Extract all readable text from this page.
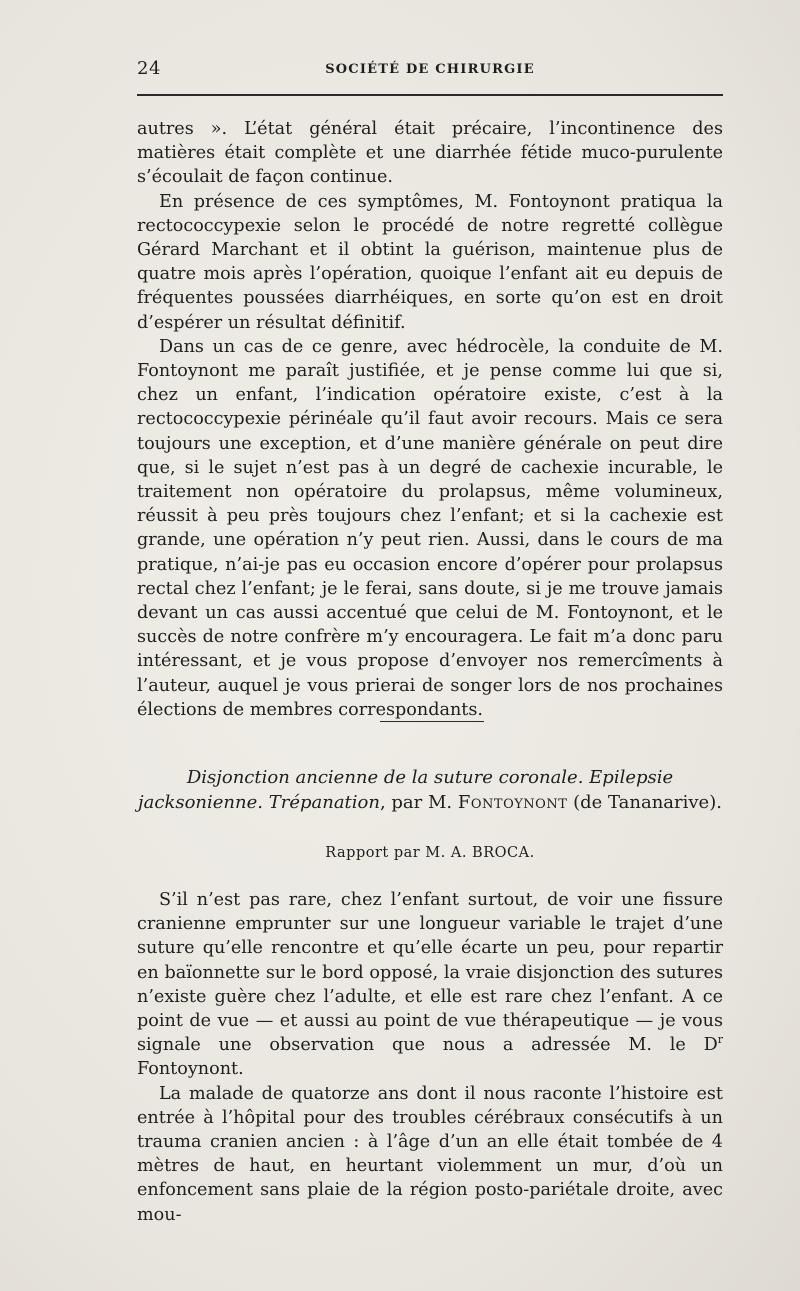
24	SOCIÉTÉ DE CHIRURGIE

autres ». L’état général était précaire, l’incontinence des matières était complète et une diarrhée fétide muco-purulente s’écoulait de façon continue.

En présence de ces symptômes, M. Fontoynont pratiqua la rectococcypexie selon le procédé de notre regretté collègue Gérard Marchant et il obtint la guérison, maintenue plus de quatre mois après l’opération, quoique l’enfant ait eu depuis de fréquentes poussées diarrhéiques, en sorte qu’on est en droit d’espérer un résultat définitif.

Dans un cas de ce genre, avec hédrocèle, la conduite de M. Fontoynont me paraît justifiée, et je pense comme lui que si, chez un enfant, l’indication opératoire existe, c’est à la rectococcypexie périnéale qu’il faut avoir recours. Mais ce sera toujours une exception, et d’une manière générale on peut dire que, si le sujet n’est pas à un degré de cachexie incurable, le traitement non opératoire du prolapsus, même volumineux, réussit à peu près toujours chez l’enfant; et si la cachexie est grande, une opération n’y peut rien. Aussi, dans le cours de ma pratique, n’ai-je pas eu occasion encore d’opérer pour prolapsus rectal chez l’enfant; je le ferai, sans doute, si je me trouve jamais devant un cas aussi accentué que celui de M. Fontoynont, et le succès de notre confrère m’y encouragera. Le fait m’a donc paru intéressant, et je vous propose d’envoyer nos remercîments à l’auteur, auquel je vous prierai de songer lors de nos prochaines élections de membres correspondants.

Disjonction ancienne de la suture coronale. Epilepsie jacksonienne. Trépanation, par M. Fontoynont (de Tananarive).
Rapport par M. A. BROCA.

S’il n’est pas rare, chez l’enfant surtout, de voir une fissure cranienne emprunter sur une longueur variable le trajet d’une suture qu’elle rencontre et qu’elle écarte un peu, pour repartir en baïonnette sur le bord opposé, la vraie disjonction des sutures n’existe guère chez l’adulte, et elle est rare chez l’enfant. A ce point de vue — et aussi au point de vue thérapeutique — je vous signale une observation que nous a adressée M. le $D^r$ Fontoynont.

La malade de quatorze ans dont il nous raconte l’histoire est entrée à l’hôpital pour des troubles cérébraux consécutifs à un trauma cranien ancien : à l’âge d’un an elle était tombée de 4 mètres de haut, en heurtant violemment un mur, d’où un enfoncement sans plaie de la région posto-pariétale droite, avec mou-
